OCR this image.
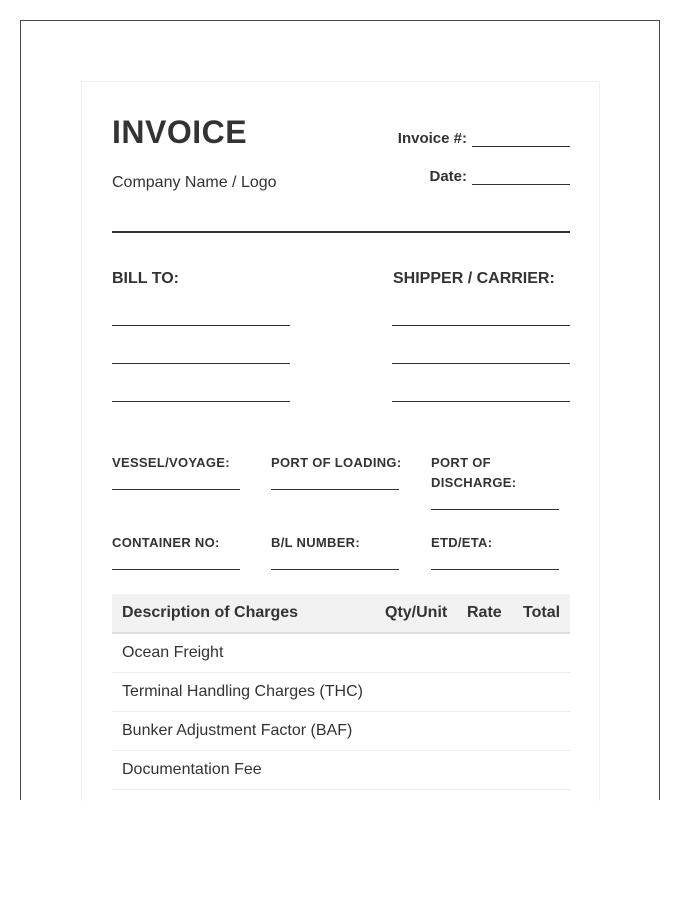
INVOICE
Company Name / Logo
Invoice #:
Date:
BILL TO:	SHIPPER / CARRIER:
VESSEL/VOYAGE:	PORT OF LOADING: PORT OF DISCHARGE:
CONTAINER NO:	B/L NUMBER:	ETD/ETA:
Description of Charges	Qty/Unit	Rate	Total
Ocean Freight			
Terminal Handling Charges (THC)			
Bunker Adjustment Factor (BAF)			
Documentation Fee			
